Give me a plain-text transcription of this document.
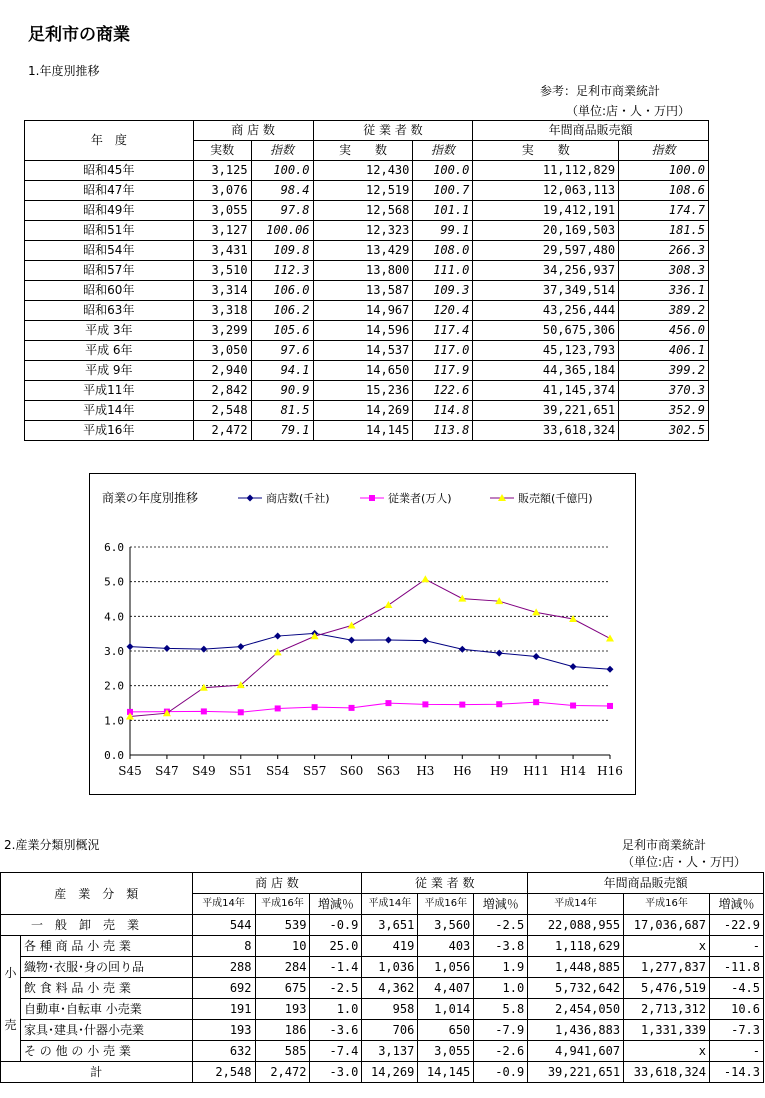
足利市の商業
1.年度別推移
参考：足利市商業統計
（単位:店・人・万円）
年　度	商 店 数		従 業 者 数		年間商品販売額	
	実数	指数	実　　数	指数	実　　数	指数
昭和45年	3,125	100.0	12,430	100.0	11,112,829	100.0
昭和47年	3,076	98.4	12,519	100.7	12,063,113	108.6
昭和49年	3,055	97.8	12,568	101.1	19,412,191	174.7
昭和51年	3,127	100.06	12,323	99.1	20,169,503	181.5
昭和54年	3,431	109.8	13,429	108.0	29,597,480	266.3
昭和57年	3,510	112.3	13,800	111.0	34,256,937	308.3
昭和60年	3,314	106.0	13,587	109.3	37,349,514	336.1
昭和63年	3,318	106.2	14,967	120.4	43,256,444	389.2
平成 3年	3,299	105.6	14,596	117.4	50,675,306	456.0
平成 6年	3,050	97.6	14,537	117.0	45,123,793	406.1
平成 9年	2,940	94.1	14,650	117.9	44,365,184	399.2
平成11年	2,842	90.9	15,236	122.6	41,145,374	370.3
平成14年	2,548	81.5	14,269	114.8	39,221,651	352.9
平成16年	2,472	79.1	14,145	113.8	33,618,324	302.5
商業の年度別推移	商店数(千社)	従業者(万人)	販売額(千億円)
6.0
5.0
4.0
3.0
2.0
1.0
0.0
S45 S47 S49 S51 S54 S57 S60 S63 H3 H6 H9 H11 H14 H16
2.産業分類別概況	足利市商業統計
（単位:店・人・万円）
産　業　分　類		商 店 数			従 業 者 数			年間商品販売額		
		平成14年	平成16年	増減％	平成14年	平成16年	増減％	平成14年	平成16年	増減％
一　般　卸　売　業		544	539	-0.9	3,651	3,560	-2.5	22,088,955	17,036,687	-22.9

小
売	各 種 商 品 小 売 業	8	10	25.0	419	403	-3.8	1,118,629	x	-
	織物･衣服･身の回り品	288	284	-1.4	1,036	1,056	1.9	1,448,885	1,277,837	-11.8
	飲 食 料 品 小 売 業	692	675	-2.5	4,362	4,407	1.0	5,732,642	5,476,519	-4.5
	自動車･自転車 小売業	191	193	1.0	958	1,014	5.8	2,454,050	2,713,312	10.6
	家具･建具･什器小売業	193	186	-3.6	706	650	-7.9	1,436,883	1,331,339	-7.3
	そ の 他 の 小 売 業	632	585	-7.4	3,137	3,055	-2.6	4,941,607	x	-
計		2,548	2,472	-3.0	14,269	14,145	-0.9	39,221,651	33,618,324	-14.3
